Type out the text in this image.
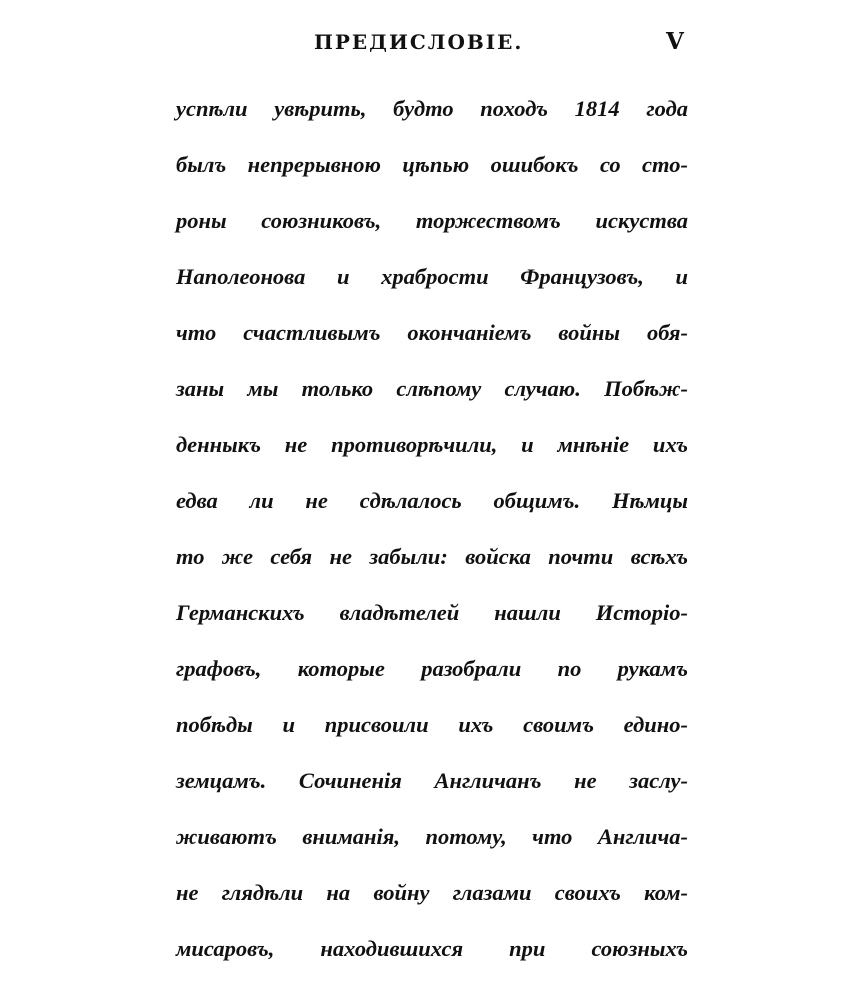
ПРЕДИСЛОВІЕ.	V
успѣли увѣрить, будто походъ 1814 года
былъ непрерывною цѣпью ошибокъ со сто-
роны союзниковъ, торжествомъ искуства
Наполеонова и храбрости Французовъ, и
что счастливымъ окончаніемъ войны обя-
заны мы только слѣпому случаю. Побѣж-
денныкъ не противорѣчили, и мнѣніе ихъ
едва ли не сдѣлалось общимъ. Нѣмцы
то же себя не забыли: войска почти всѣхъ
Германскихъ владѣтелей нашли Исторіо-
графовъ, которые разобрали по рукамъ
побѣды и присвоили ихъ своимъ едино-
земцамъ. Сочиненія Англичанъ не заслу-
живаютъ вниманія, потому, что Англича-
не глядѣли на войну глазами своихъ ком-
мисаровъ, находившихся при союзныхъ
